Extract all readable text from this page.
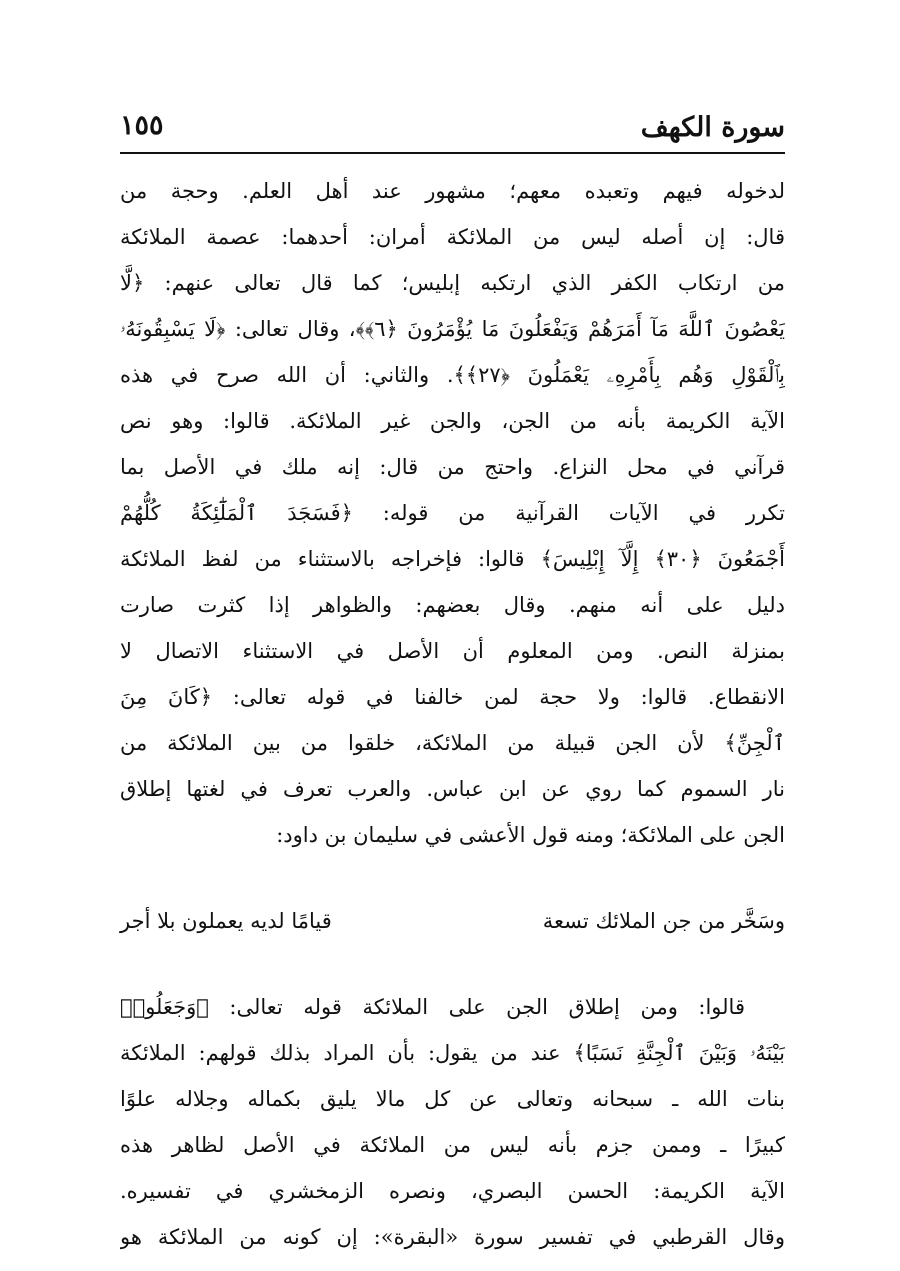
سورة الكهف
١٥٥
لدخوله فيهم وتعبده معهم؛ مشهور عند أهل العلم. وحجة من
قال: إن أصله ليس من الملائكة أمران: أحدهما: عصمة الملائكة
من ارتكاب الكفر الذي ارتكبه إبليس؛ كما قال تعالى عنهم: ﴿لَّا
يَعْصُونَ ٱللَّهَ مَآ أَمَرَهُمْ وَيَفْعَلُونَ مَا يُؤْمَرُونَ ﴿٦﴾﴾، وقال تعالى: ﴿لَا يَسْبِقُونَهُۥ
بِٱلْقَوْلِ وَهُم بِأَمْرِهِۦ يَعْمَلُونَ ﴿٢٧﴾﴾. والثاني: أن الله صرح في هذه
الآية الكريمة بأنه من الجن، والجن غير الملائكة. قالوا: وهو نص
قرآني في محل النزاع. واحتج من قال: إنه ملك في الأصل بما
تكرر في الآيات القرآنية من قوله: ﴿فَسَجَدَ ٱلْمَلَٰٓئِكَةُ كُلُّهُمْ
أَجْمَعُونَ ﴿٣٠﴾ إِلَّآ إِبْلِيسَ﴾ قالوا: فإخراجه بالاستثناء من لفظ الملائكة
دليل على أنه منهم. وقال بعضهم: والظواهر إذا كثرت صارت
بمنزلة النص. ومن المعلوم أن الأصل في الاستثناء الاتصال لا
الانقطاع. قالوا: ولا حجة لمن خالفنا في قوله تعالى: ﴿كَانَ مِنَ
ٱلْجِنِّ﴾ لأن الجن قبيلة من الملائكة، خلقوا من بين الملائكة من
نار السموم كما روي عن ابن عباس. والعرب تعرف في لغتها إطلاق
الجن على الملائكة؛ ومنه قول الأعشى في سليمان بن داود:
وسَخَّر من جن الملائك تسعة
قيامًا لديه يعملون بلا أجر
قالوا: ومن إطلاق الجن على الملائكة قوله تعالى: ﴿وَجَعَلُوا۟
بَيْنَهُۥ وَبَيْنَ ٱلْجِنَّةِ نَسَبًا﴾ عند من يقول: بأن المراد بذلك قولهم: الملائكة
بنات الله ـ سبحانه وتعالى عن كل مالا يليق بكماله وجلاله علوًا
كبيرًا ـ وممن جزم بأنه ليس من الملائكة في الأصل لظاهر هذه
الآية الكريمة: الحسن البصري، ونصره الزمخشري في تفسيره.
وقال القرطبي في تفسير سورة «البقرة»: إن كونه من الملائكة هو
